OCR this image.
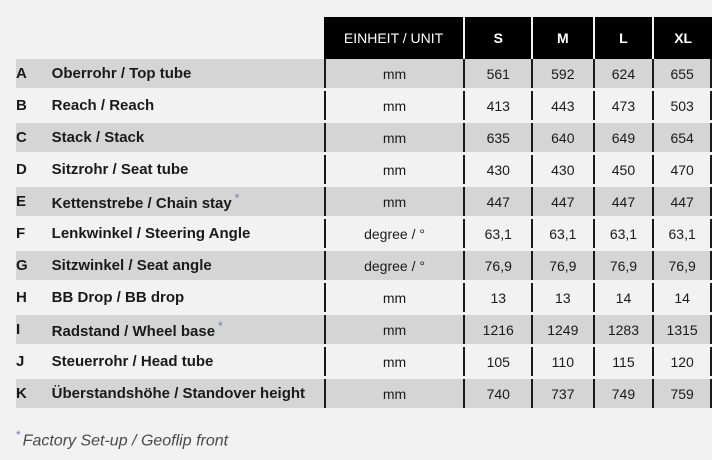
		EINHEIT / UNIT	S	M	L	XL
A	Oberrohr / Top tube	mm	561	592	624	655

B	Reach / Reach	mm	413	443	473	503

C	Stack / Stack	mm	635	640	649	654

D	Sitzrohr / Seat tube	mm	430	430	450	470

E	Kettenstrebe / Chain stay *	mm	447	447	447	447

F	Lenkwinkel / Steering Angle	degree / °	63,1	63,1	63,1	63,1

G	Sitzwinkel / Seat angle	degree / °	76,9	76,9	76,9	76,9

H	BB Drop / BB drop	mm	13	13	14	14

I	Radstand / Wheel base *	mm	1216	1249	1283	1315

J	Steuerrohr / Head tube	mm	105	110	115	120

K	Überstandshöhe / Standover height	mm	740	737	749	759
* Factory Set-up / Geoflip front
